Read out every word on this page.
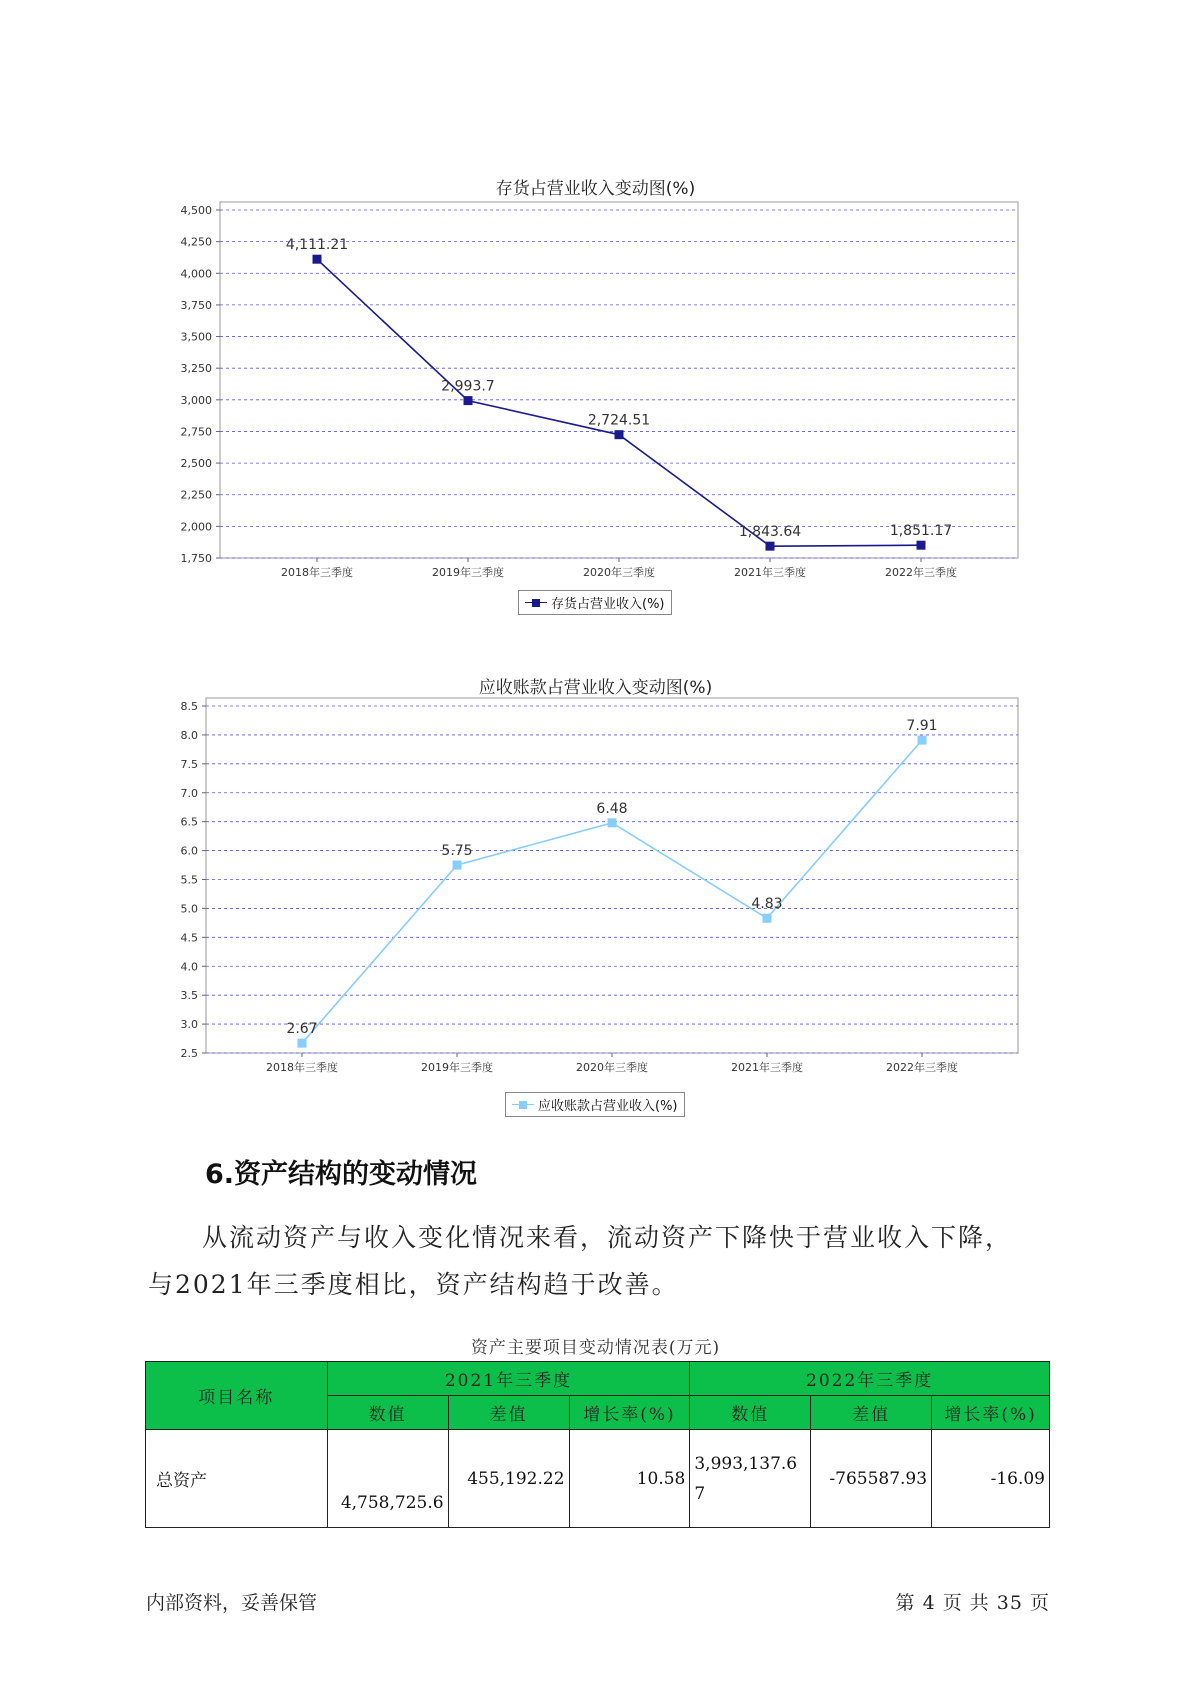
存货占营业收入变动图(%)
1,750
2,000
2,250
2,500
2,750
3,000
3,250
3,500
3,750
4,000
4,250
4,500
2018年三季度	2019年三季度	2020年三季度	2021年三季度	2022年三季度
4,111.21
2,993.7
2,724.51
1,843.64	1,851.17
存货占营业收入(%)
应收账款占营业收入变动图(%)
2.5
3.0
3.5
4.0
4.5
5.0
5.5
6.0
6.5
7.0
7.5
8.0
8.5
2018年三季度	2019年三季度	2020年三季度	2021年三季度	2022年三季度
2.67
5.75
6.48
4.83
7.91
应收账款占营业收入(%)
6.资产结构的变动情况
从流动资产与收入变化情况来看，流动资产下降快于营业收入下降，
与2021年三季度相比，资产结构趋于改善。
资产主要项目变动情况表(万元)
项目名称	2021年三季度			2022年三季度		
	数值	差值	增长率(%)	数值	差值	增长率(%)
总资产	4,758,725.6	455,192.22	10.58	3,993,137.67	-765587.93	-16.09
内部资料，妥善保管	第 4 页 共 35 页
